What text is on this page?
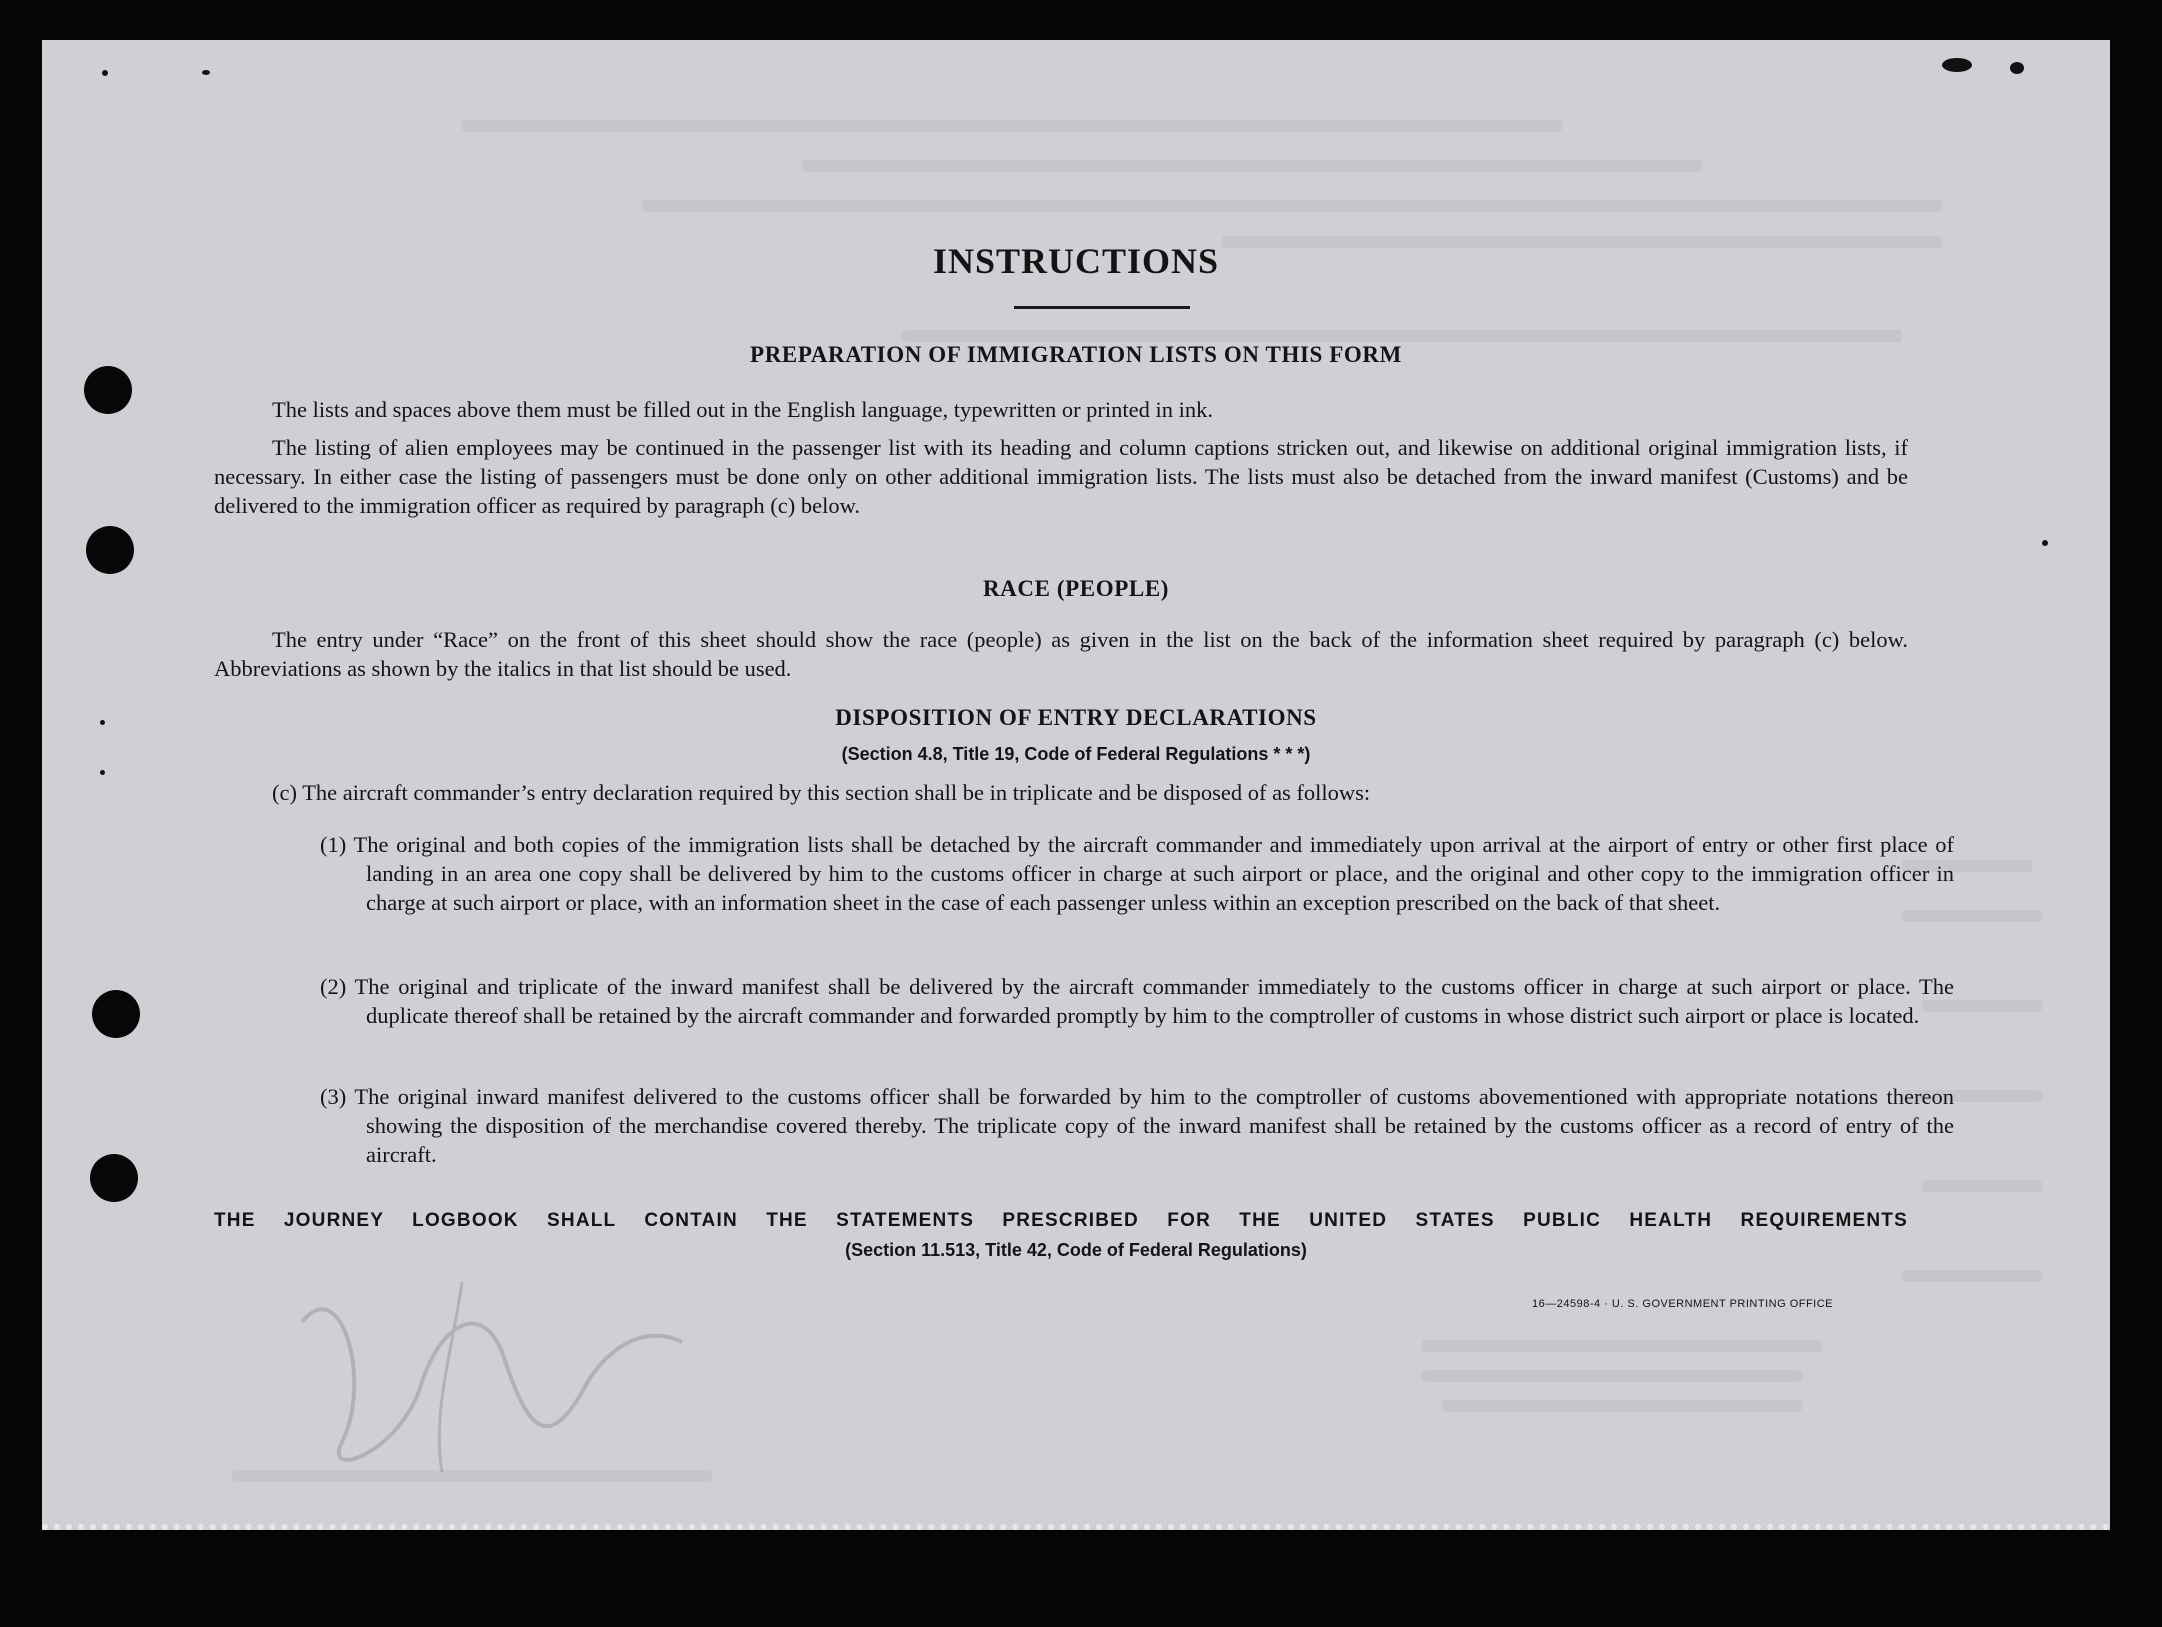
INSTRUCTIONS
PREPARATION OF IMMIGRATION LISTS ON THIS FORM
The lists and spaces above them must be filled out in the English language, typewritten or printed in ink.
The listing of alien employees may be continued in the passenger list with its heading and column captions stricken out, and likewise on additional original immigration lists, if necessary. In either case the listing of passengers must be done only on other additional immigration lists. The lists must also be detached from the inward manifest (Customs) and be delivered to the immigration officer as required by paragraph (c) below.
RACE (PEOPLE)
The entry under “Race” on the front of this sheet should show the race (people) as given in the list on the back of the information sheet required by paragraph (c) below. Abbreviations as shown by the italics in that list should be used.
DISPOSITION OF ENTRY DECLARATIONS
(Section 4.8, Title 19, Code of Federal Regulations * * *)
(c) The aircraft commander’s entry declaration required by this section shall be in triplicate and be disposed of as follows:
(1) The original and both copies of the immigration lists shall be detached by the aircraft commander and immediately upon arrival at the airport of entry or other first place of landing in an area one copy shall be delivered by him to the customs officer in charge at such airport or place, and the original and other copy to the immigration officer in charge at such airport or place, with an information sheet in the case of each passenger unless within an exception prescribed on the back of that sheet.
(2) The original and triplicate of the inward manifest shall be delivered by the aircraft commander immediately to the customs officer in charge at such airport or place. The duplicate thereof shall be retained by the aircraft commander and forwarded promptly by him to the comptroller of customs in whose district such airport or place is located.
(3) The original inward manifest delivered to the customs officer shall be forwarded by him to the comptroller of customs abovementioned with appropriate notations thereon showing the disposition of the merchandise covered thereby. The triplicate copy of the inward manifest shall be retained by the customs officer as a record of entry of the aircraft.
THE JOURNEY LOGBOOK SHALL CONTAIN THE STATEMENTS PRESCRIBED FOR THE UNITED STATES PUBLIC HEALTH REQUIREMENTS
(Section 11.513, Title 42, Code of Federal Regulations)
16—24598-4 · U. S. GOVERNMENT PRINTING OFFICE
